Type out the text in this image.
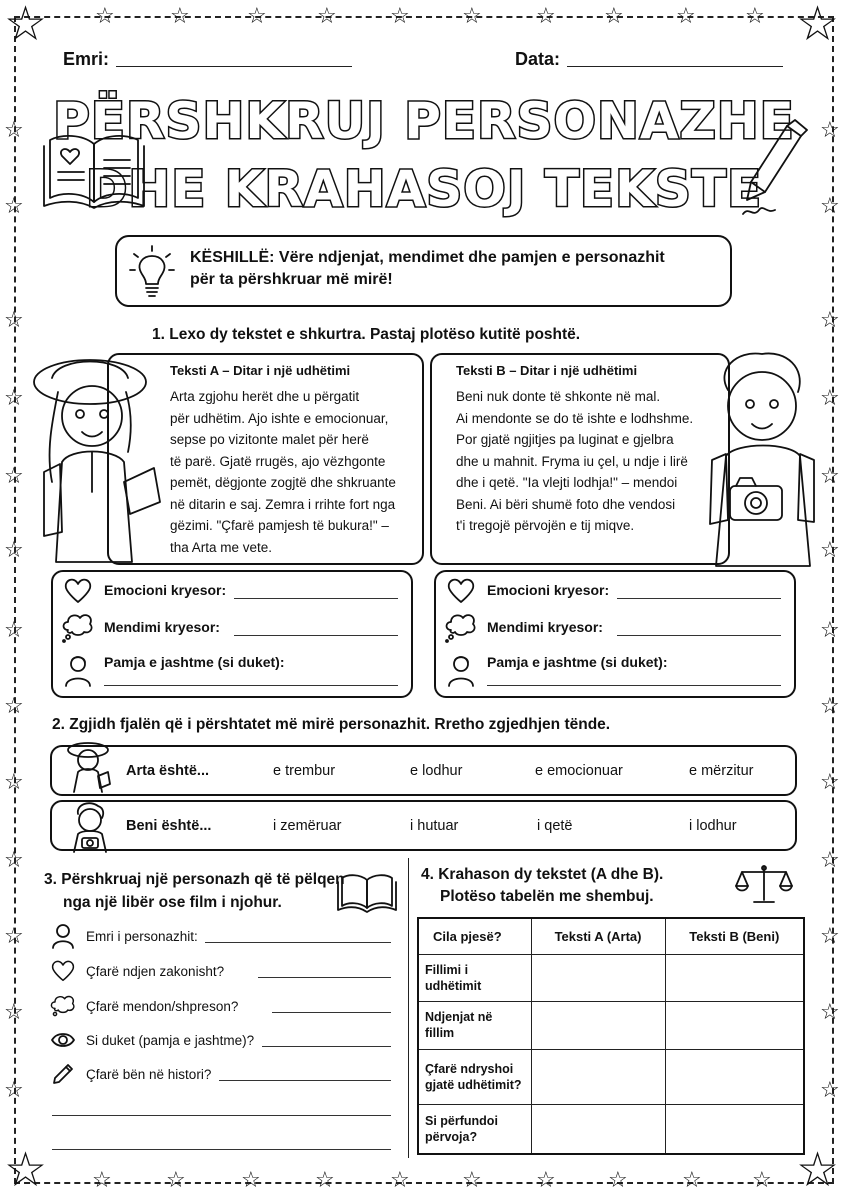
☆	☆
☆	☆
☆	☆	☆ ☆ ☆ ☆ ☆ ☆ ☆ ☆
☆ ☆	☆ ☆	☆ ☆ ☆ ☆ ☆ ☆
☆
☆
☆
☆
☆
☆
☆
☆
☆
☆
☆
☆
☆
☆
☆
☆
☆
☆
☆
☆
☆
☆
☆
☆
☆
☆
Emri:	Data:
PËRSHKRUJ PERSONAZHE
DHE KRAHASOJ TEKSTE
KËSHILLË: Vëre ndjenjat, mendimet dhe pamjen e personazhit
për ta përshkruar më mirë!
1. Lexo dy tekstet e shkurtra. Pastaj plotëso kutitë poshtë.
Teksti A – Ditar i një udhëtimi
Arta zgjohu herët dhe u përgatit
për udhëtim. Ajo ishte e emocionuar,
sepse po vizitonte malet për herë
të parë. Gjatë rrugës, ajo vëzhgonte
pemët, dëgjonte zogjtë dhe shkruante
në ditarin e saj. Zemra i rrihte fort nga
gëzimi. "Çfarë pamjesh të bukura!" –
tha Arta me vete.
Teksti B – Ditar i një udhëtimi
Beni nuk donte të shkonte në mal.
Ai mendonte se do të ishte e lodhshme.
Por gjatë ngjitjes pa luginat e gjelbra
dhe u mahnit. Fryma iu çel, u ndje i lirë
dhe i qetë. "Ia vlejti lodhja!" – mendoi
Beni. Ai bëri shumë foto dhe vendosi
t'i tregojë përvojën e tij miqve.
Emocioni kryesor:
Mendimi kryesor:
Pamja e jashtme (si duket):
Emocioni kryesor:
Mendimi kryesor:
Pamja e jashtme (si duket):
2. Zgjidh fjalën që i përshtatet më mirë personazhit. Rretho zgjedhjen tënde.
Arta është...	e trembur	e lodhur	e emocionuar	e mërzitur
Beni është...	i zemëruar	i hutuar	i qetë	i lodhur
3. Përshkruaj një personazh që të pëlqen
nga një libër ose film i njohur.
Emri i personazhit:
Çfarë ndjen zakonisht?
Çfarë mendon/shpreson?
Si duket (pamja e jashtme)?
Çfarë bën në histori?
4. Krahason dy tekstet (A dhe B).
Plotëso tabelën me shembuj.
Cila pjesë?	Teksti A (Arta)	Teksti B (Beni)
Fillimi i udhëtimit		
Ndjenjat në fillim		
Çfarë ndryshoi gjatë udhëtimit?		
Si përfundoi përvoja?		
